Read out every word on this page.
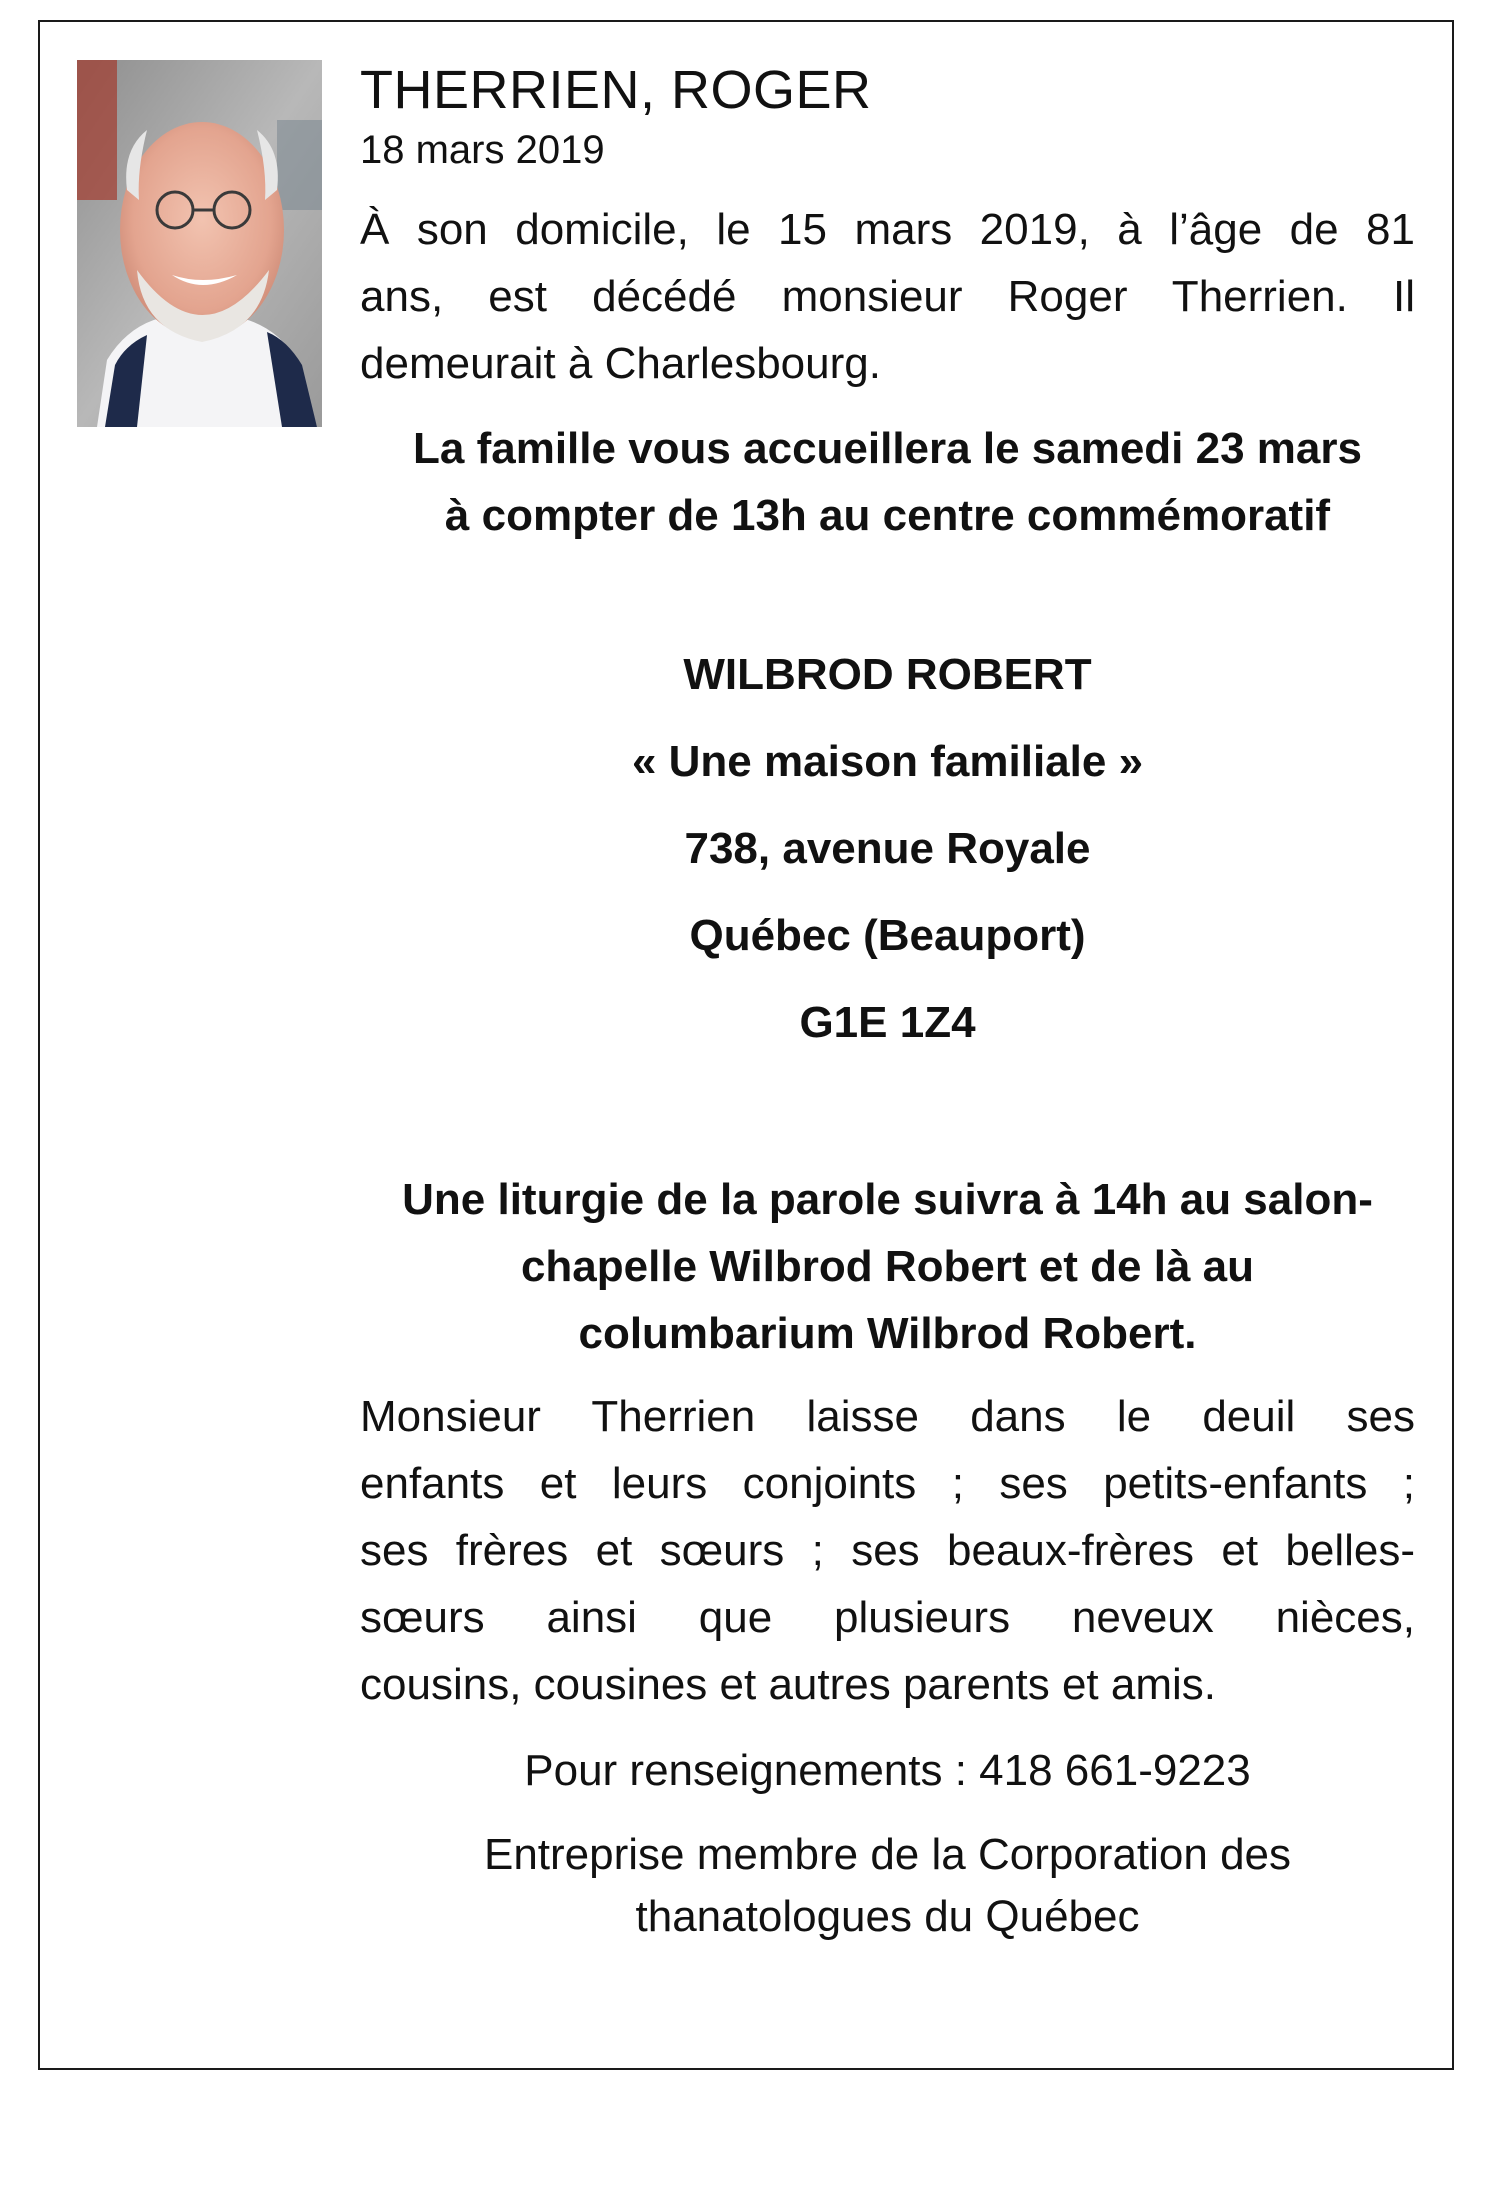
THERRIEN, ROGER

18 mars 2019

À son domicile, le 15 mars 2019, à l’âge de 81
ans, est décédé monsieur Roger Therrien. Il
demeurait à Charlesbourg.

La famille vous accueillera le samedi 23 mars
à compter de 13h au centre commémoratif

WILBROD ROBERT
« Une maison familiale »
738, avenue Royale
Québec (Beauport)
G1E 1Z4

Une liturgie de la parole suivra à 14h au salon-
chapelle Wilbrod Robert et de là au
columbarium Wilbrod Robert.

Monsieur Therrien laisse dans le deuil ses
enfants et leurs conjoints ; ses petits-enfants ;
ses frères et sœurs ; ses beaux-frères et belles-
sœurs ainsi que plusieurs neveux nièces,
cousins, cousines et autres parents et amis.

Pour renseignements : 418 661-9223

Entreprise membre de la Corporation des
thanatologues du Québec
